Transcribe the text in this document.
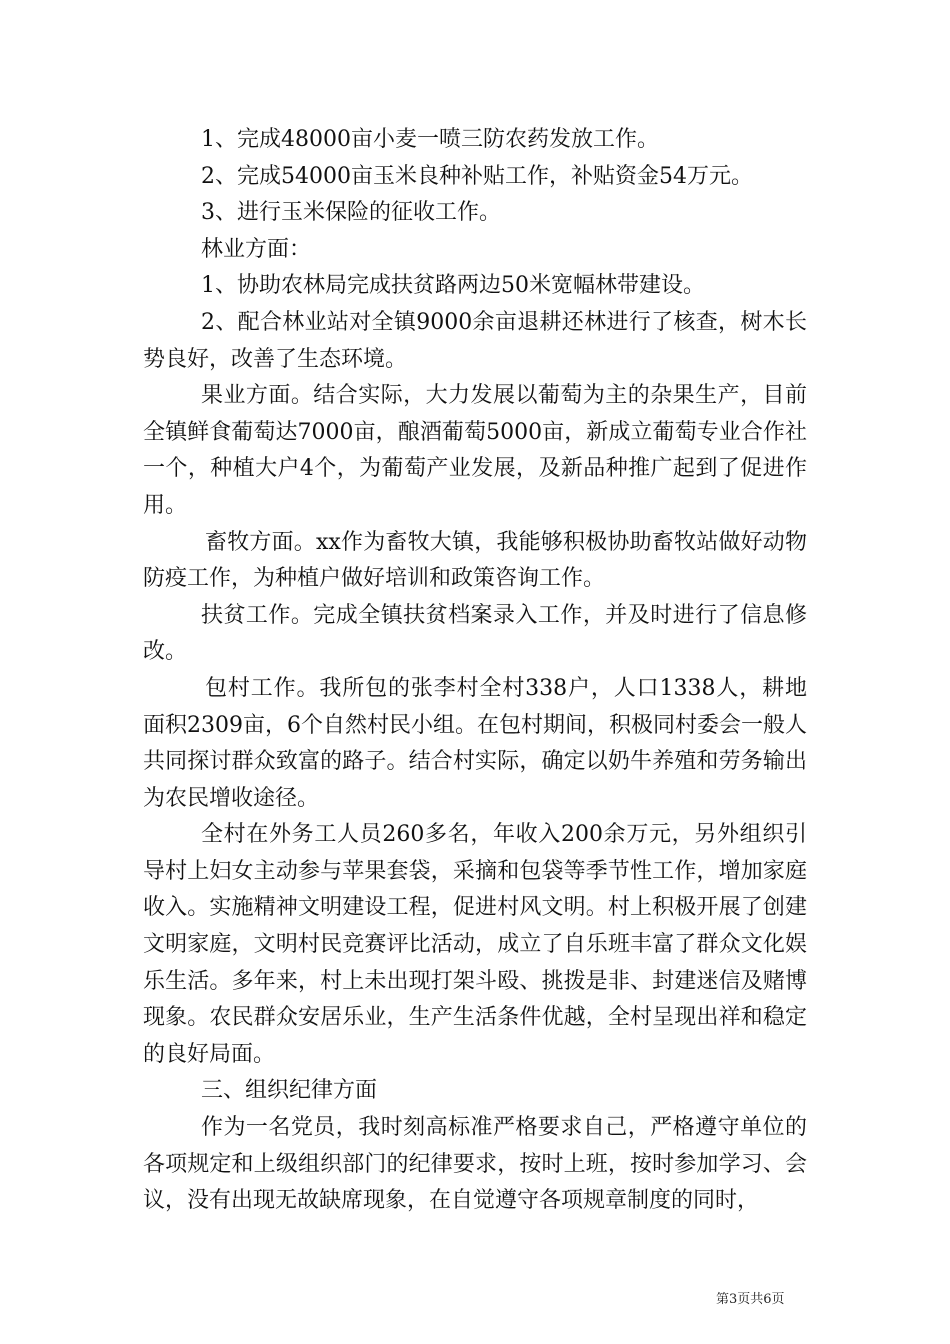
1、完成48000亩小麦一喷三防农药发放工作。

2、完成54000亩玉米良种补贴工作，补贴资金54万元。

3、进行玉米保险的征收工作。

林业方面：

1、协助农林局完成扶贫路两边50米宽幅林带建设。

2、配合林业站对全镇9000余亩退耕还林进行了核查，树木长势良好，改善了生态环境。

果业方面。结合实际，大力发展以葡萄为主的杂果生产，目前全镇鲜食葡萄达7000亩，酿酒葡萄5000亩，新成立葡萄专业合作社一个，种植大户4个，为葡萄产业发展，及新品种推广起到了促进作用。

畜牧方面。xx作为畜牧大镇，我能够积极协助畜牧站做好动物防疫工作，为种植户做好培训和政策咨询工作。

扶贫工作。完成全镇扶贫档案录入工作，并及时进行了信息修改。

包村工作。我所包的张李村全村338户，人口1338人，耕地面积2309亩，6个自然村民小组。在包村期间，积极同村委会一般人共同探讨群众致富的路子。结合村实际，确定以奶牛养殖和劳务输出为农民增收途径。

全村在外务工人员260多名，年收入200余万元，另外组织引导村上妇女主动参与苹果套袋，采摘和包袋等季节性工作，增加家庭收入。实施精神文明建设工程，促进村风文明。村上积极开展了创建文明家庭，文明村民竞赛评比活动，成立了自乐班丰富了群众文化娱乐生活。多年来，村上未出现打架斗殴、挑拨是非、封建迷信及赌博现象。农民群众安居乐业，生产生活条件优越，全村呈现出祥和稳定的良好局面。

三、组织纪律方面

作为一名党员，我时刻高标准严格要求自己，严格遵守单位的各项规定和上级组织部门的纪律要求，按时上班，按时参加学习、会议，没有出现无故缺席现象，在自觉遵守各项规章制度的同时，

第3页共6页
